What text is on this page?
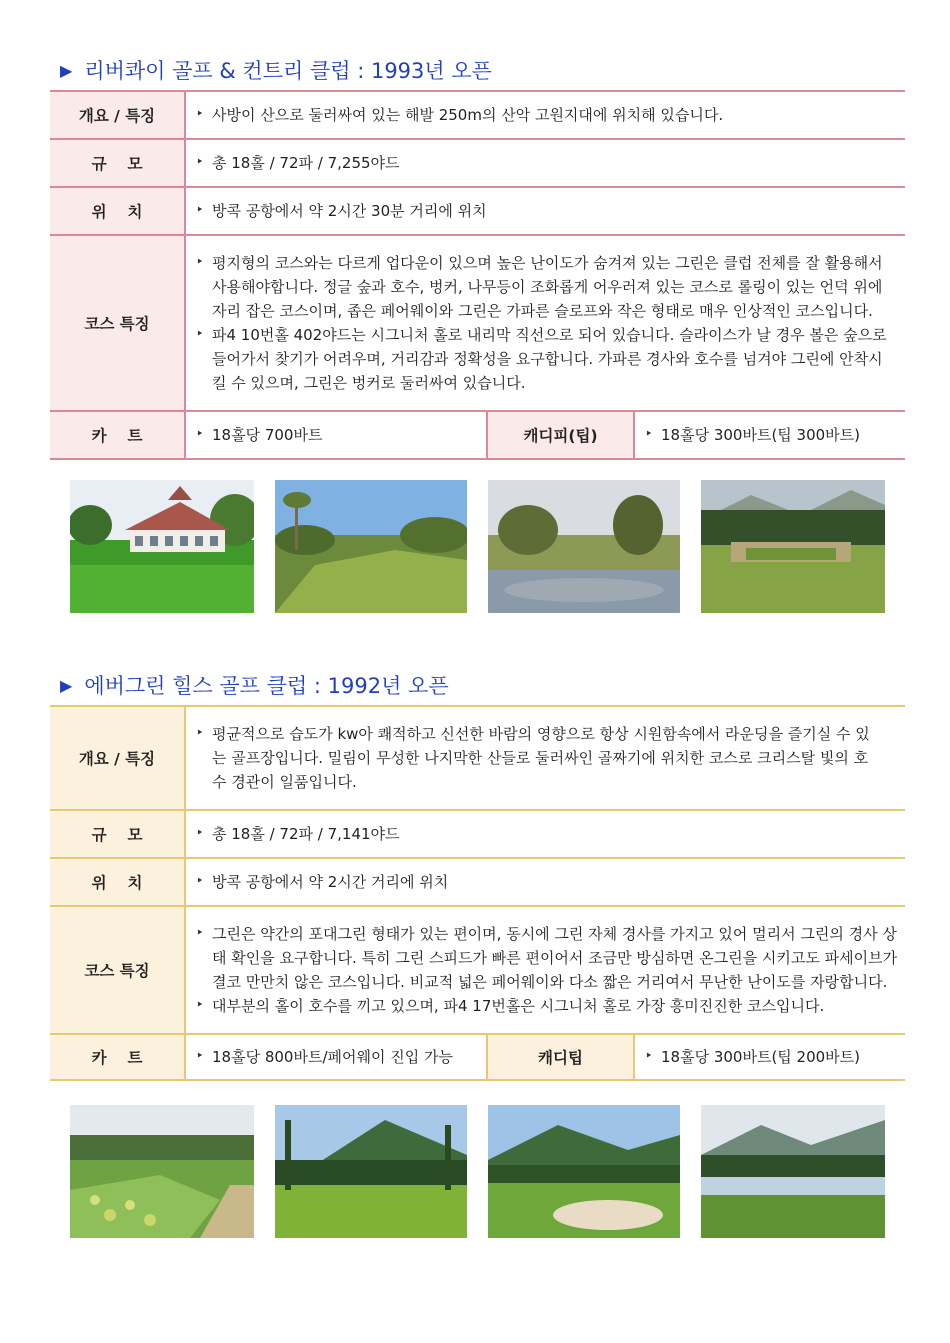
▶ 리버콰이 골프 & 컨트리 클럽 : 1993년 오픈
개요 / 특징	‣ 사방이 산으로 둘러싸여 있는 해발 250m의 산악 고원지대에 위치해 있습니다.

규　 모	‣ 총 18홀 / 72파 / 7,255야드

위　 치	‣ 방콕 공항에서 약 2시간 30분 거리에 위치

코스 특징	‣ 평지형의 코스와는 다르게 업다운이 있으며 높은 난이도가 숨겨져 있는 그린은 클럽 전체를 잘 활용해서 사용해야합니다. 정글 숲과 호수, 벙커, 나무등이 조화롭게 어우러져 있는 코스로 롤링이 있는 언덕 위에 자리 잡은 코스이며, 좁은 페어웨이와 그린은 가파른 슬로프와 작은 형태로 매우 인상적인 코스입니다.
‣ 파4 10번홀 402야드는 시그니처 홀로 내리막 직선으로 되어 있습니다. 슬라이스가 날 경우 볼은 숲으로 들어가서 찾기가 어려우며, 거리감과 정확성을 요구합니다. 가파른 경사와 호수를 넘겨야 그린에 안착시킬 수 있으며, 그린은 벙커로 둘러싸여 있습니다.

카　 트	‣ 18홀당 700바트	캐디피(팁)	‣ 18홀당 300바트(팁 300바트)
▶ 에버그린 힐스 골프 클럽 : 1992년 오픈
개요 / 특징	‣ 평균적으로 습도가 kw아 쾌적하고 신선한 바람의 영향으로 항상 시원함속에서 라운딩을 즐기실 수 있는 골프장입니다. 밀림이 무성한 나지막한 산들로 둘러싸인 골짜기에 위치한 코스로 크리스탈 빛의 호수 경관이 일품입니다.

규　 모	‣ 총 18홀 / 72파 / 7,141야드

위　 치	‣ 방콕 공항에서 약 2시간 거리에 위치

코스 특징	‣ 그린은 약간의 포대그린 형태가 있는 편이며, 동시에 그린 자체 경사를 가지고 있어 멀리서 그린의 경사 상태 확인을 요구합니다. 특히 그린 스피드가 빠른 편이어서 조금만 방심하면 온그린을 시키고도 파세이브가 결코 만만치 않은 코스입니다. 비교적 넓은 페어웨이와 다소 짧은 거리여서 무난한 난이도를 자랑합니다.
‣ 대부분의 홀이 호수를 끼고 있으며, 파4 17번홀은 시그니처 홀로 가장 흥미진진한 코스입니다.

카　 트	‣ 18홀당 800바트/페어웨이 진입 가능	캐디팁	‣ 18홀당 300바트(팁 200바트)
